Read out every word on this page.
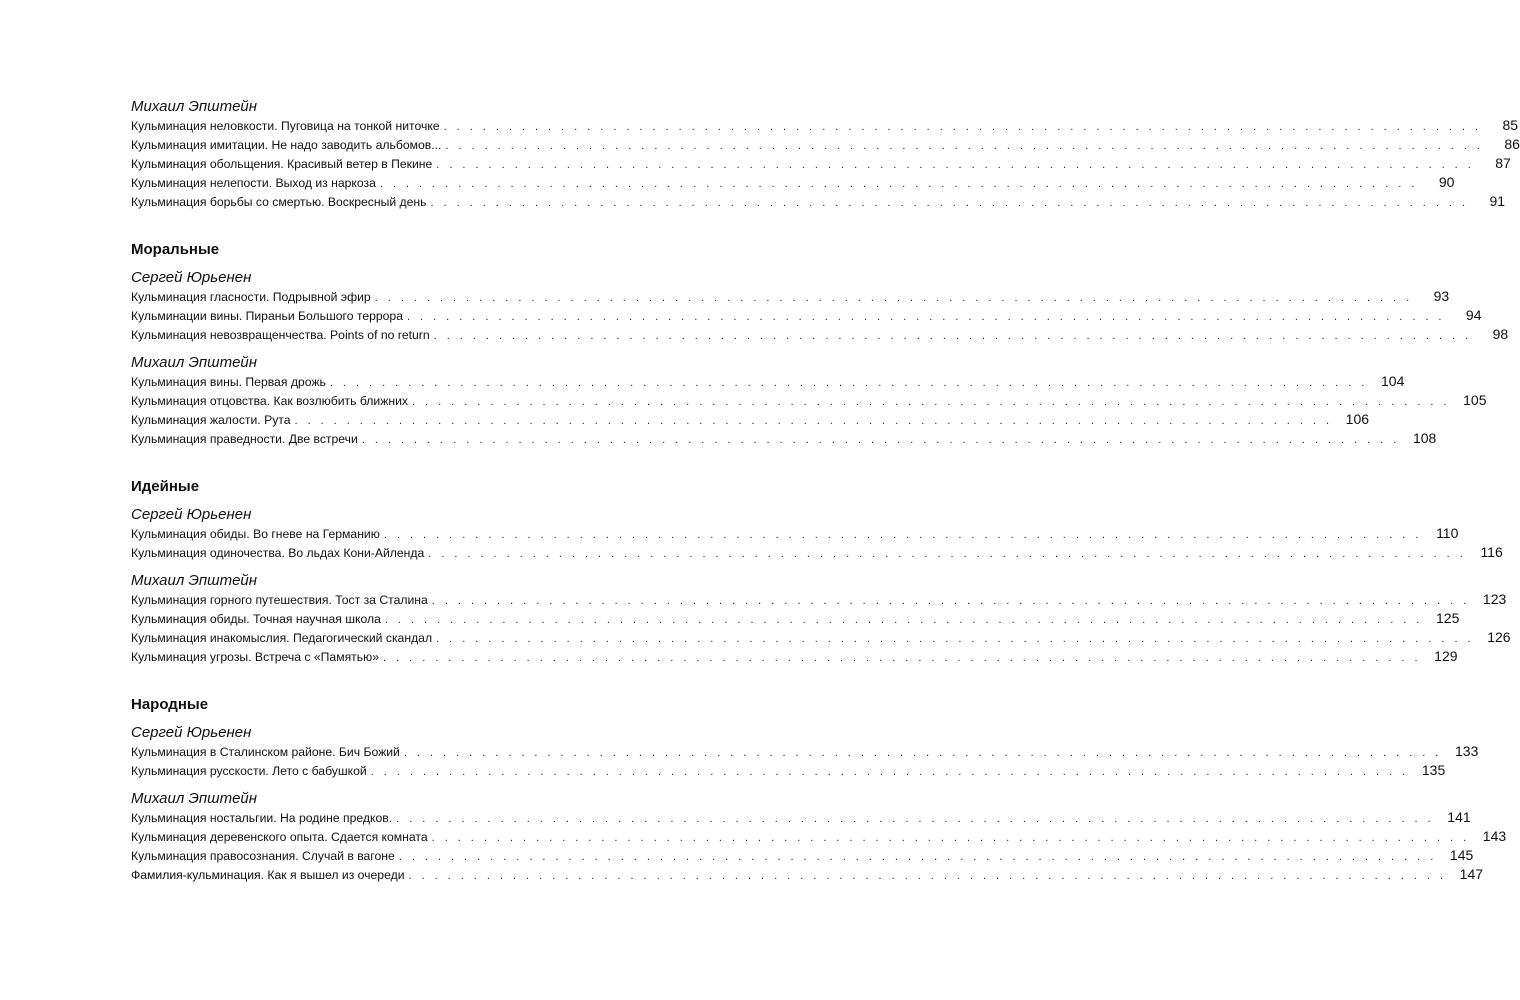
Михаил Эпштейн
Кульминация неловкости. Пуговица на тонкой ниточке ................................................................................	85
Кульминация имитации. Не надо заводить альбомов... ................................................................................	86
Кульминация обольщения. Красивый ветер в Пекине ................................................................................	87
Кульминация нелепости. Выход из наркоза ................................................................................	90
Кульминация борьбы со смертью. Воскресный день ................................................................................	91
Моральные
Сергей Юрьенен
Кульминация гласности. Подрывной эфир ................................................................................	93
Кульминации вины. Пираньи Большого террора ................................................................................	94
Кульминация невозвращенчества. Points of no return ................................................................................	98
Михаил Эпштейн
Кульминация вины. Первая дрожь ................................................................................ 104
Кульминация отцовства. Как возлюбить ближних ................................................................................ 105
Кульминация жалости. Рута ................................................................................ 106
Кульминация праведности. Две встречи ................................................................................ 108
Идейные
Сергей Юрьенен
Кульминация обиды. Во гневе на Германию ................................................................................ 110
Кульминация одиночества. Во льдах Кони-Айленда ................................................................................ 116
Михаил Эпштейн
Кульминация горного путешествия. Тост за Сталина ................................................................................ 123
Кульминация обиды. Точная научная школа ................................................................................ 125
Кульминация инакомыслия. Педагогический скандал ................................................................................ 126
Кульминация угрозы. Встреча с «Памятью» ................................................................................ 129
Народные
Сергей Юрьенен
Кульминация в Сталинском районе. Бич Божий ................................................................................ 133
Кульминация русскости. Лето с бабушкой ................................................................................ 135
Михаил Эпштейн
Кульминация ностальгии. На родине предков. ................................................................................ 141
Кульминация деревенского опыта. Сдается комната ................................................................................ 143
Кульминация правосознания. Случай в вагоне ................................................................................ 145
Фамилия-кульминация. Как я вышел из очереди ................................................................................ 147
